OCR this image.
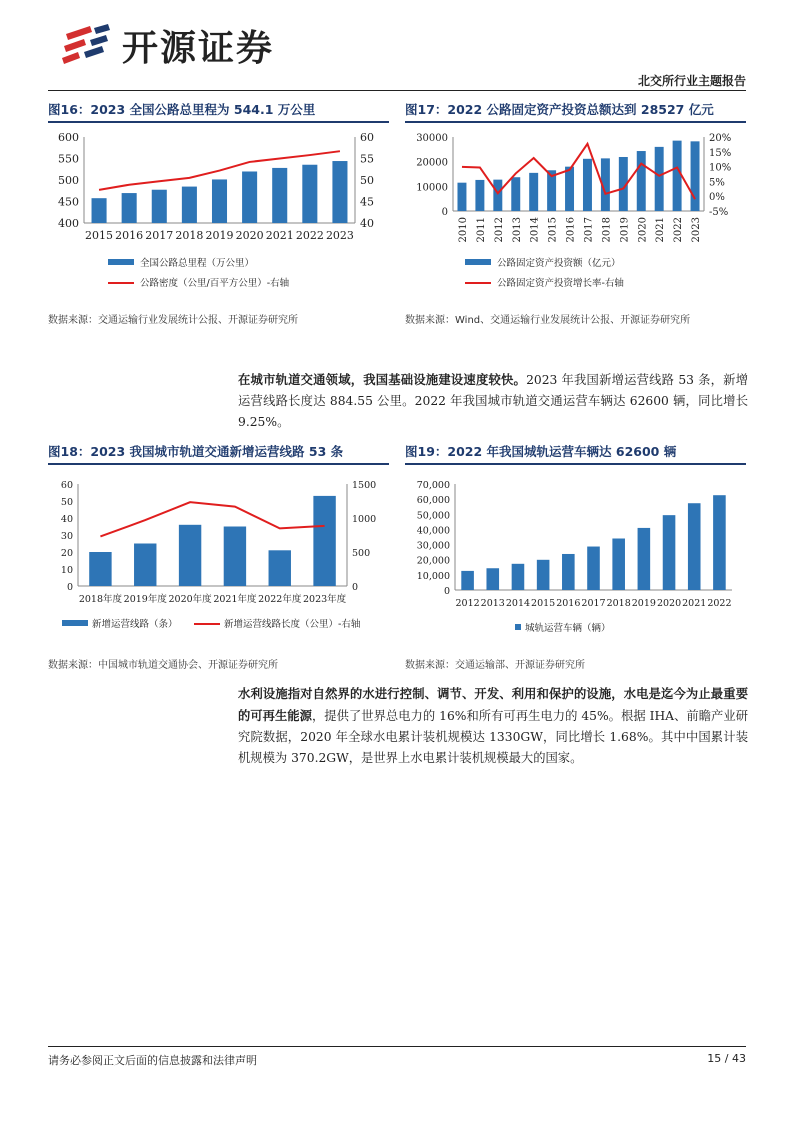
开源证券
北交所行业主题报告
图16：2023 全国公路总里程为 544.1 万公里
400
450
500
550
600
40
45
50
55
60
2015 2016 2017 2018 2019 2020 2021 2022 2023
全国公路总里程（万公里）
公路密度（公里/百平方公里）-右轴
数据来源：交通运输行业发展统计公报、开源证券研究所
图17：2022 公路固定资产投资总额达到 28527 亿元
0
10000
20000
30000
-5%
0%
5%
10%
15%
20%
2010 2011 2012 2013 2014 2015 2016 2017 2018 2019 2020 2021 2022 2023
公路固定资产投资额（亿元）
公路固定资产投资增长率-右轴
数据来源：Wind、交通运输行业发展统计公报、开源证券研究所
在城市轨道交通领域，我国基础设施建设速度较快。2023 年我国新增运营线路 53 条，新增运营线路长度达 884.55 公里。2022 年我国城市轨道交通运营车辆达 62600 辆，同比增长 9.25%。
图18：2023 我国城市轨道交通新增运营线路 53 条
0
10
20
30
40
50
60
0
500
1000
1500
2018年度 2019年度 2020年度 2021年度 2022年度 2023年度
新增运营线路（条）	新增运营线路长度（公里）-右轴
数据来源：中国城市轨道交通协会、开源证券研究所
图19：2022 年我国城轨运营车辆达 62600 辆
0
10,000
20,000
30,000
40,000
50,000
60,000
70,000
2012 2013 2014 2015 2016 2017 2018 2019 2020 2021 2022
城轨运营车辆（辆）
数据来源：交通运输部、开源证券研究所
水利设施指对自然界的水进行控制、调节、开发、利用和保护的设施，水电是迄今为止最重要的可再生能源，提供了世界总电力的 16%和所有可再生电力的 45%。根据 IHA、前瞻产业研究院数据，2020 年全球水电累计装机规模达 1330GW，同比增长 1.68%。其中中国累计装机规模为 370.2GW，是世界上水电累计装机规模最大的国家。
请务必参阅正文后面的信息披露和法律声明	15 / 43
